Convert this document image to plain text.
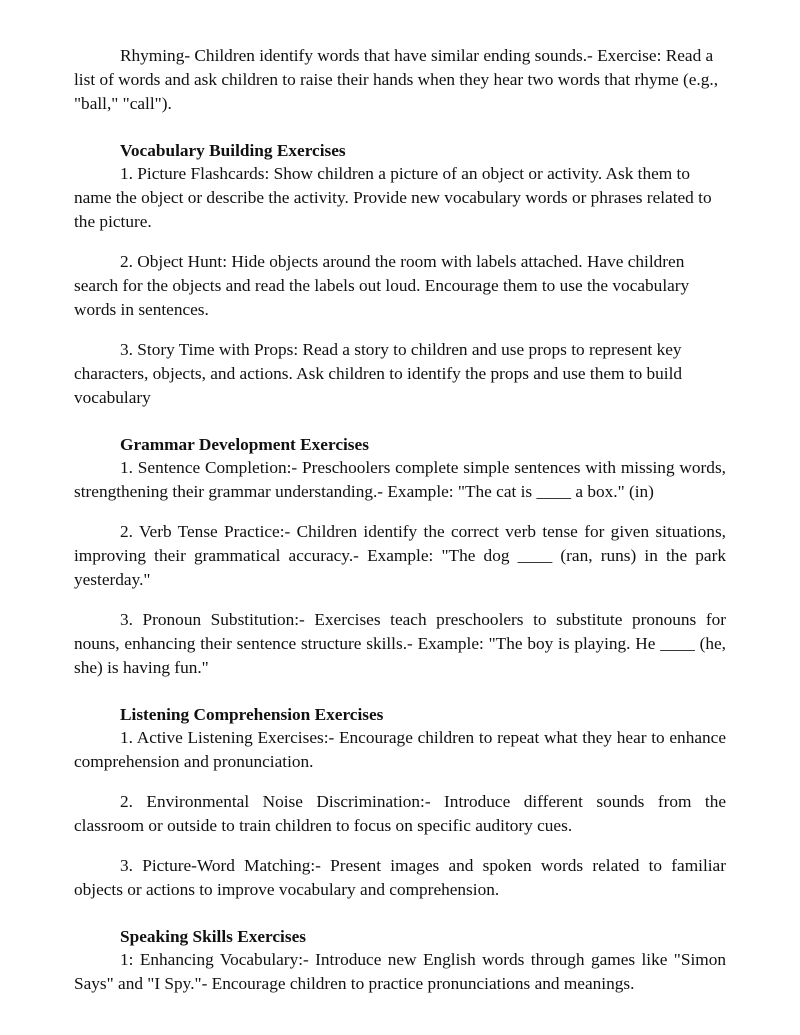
Rhyming- Children identify words that have similar ending sounds.- Exercise: Read a list of words and ask children to raise their hands when they hear two words that rhyme (e.g., "ball," "call").

Vocabulary Building Exercises

1. Picture Flashcards: Show children a picture of an object or activity. Ask them to name the object or describe the activity. Provide new vocabulary words or phrases related to the picture.

2. Object Hunt: Hide objects around the room with labels attached. Have children search for the objects and read the labels out loud. Encourage them to use the vocabulary words in sentences.

3. Story Time with Props: Read a story to children and use props to represent key characters, objects, and actions. Ask children to identify the props and use them to build vocabulary

Grammar Development Exercises

1. Sentence Completion:- Preschoolers complete simple sentences with missing words, strengthening their grammar understanding.- Example: "The cat is ____ a box." (in)

2. Verb Tense Practice:- Children identify the correct verb tense for given situations, improving their grammatical accuracy.- Example: "The dog ____ (ran, runs) in the park yesterday."

3. Pronoun Substitution:- Exercises teach preschoolers to substitute pronouns for nouns, enhancing their sentence structure skills.- Example: "The boy is playing. He ____ (he, she) is having fun."

Listening Comprehension Exercises

1. Active Listening Exercises:- Encourage children to repeat what they hear to enhance comprehension and pronunciation.

2. Environmental Noise Discrimination:- Introduce different sounds from the classroom or outside to train children to focus on specific auditory cues.

3. Picture-Word Matching:- Present images and spoken words related to familiar objects or actions to improve vocabulary and comprehension.

Speaking Skills Exercises

1: Enhancing Vocabulary:- Introduce new English words through games like "Simon Says" and "I Spy."- Encourage children to practice pronunciations and meanings.
